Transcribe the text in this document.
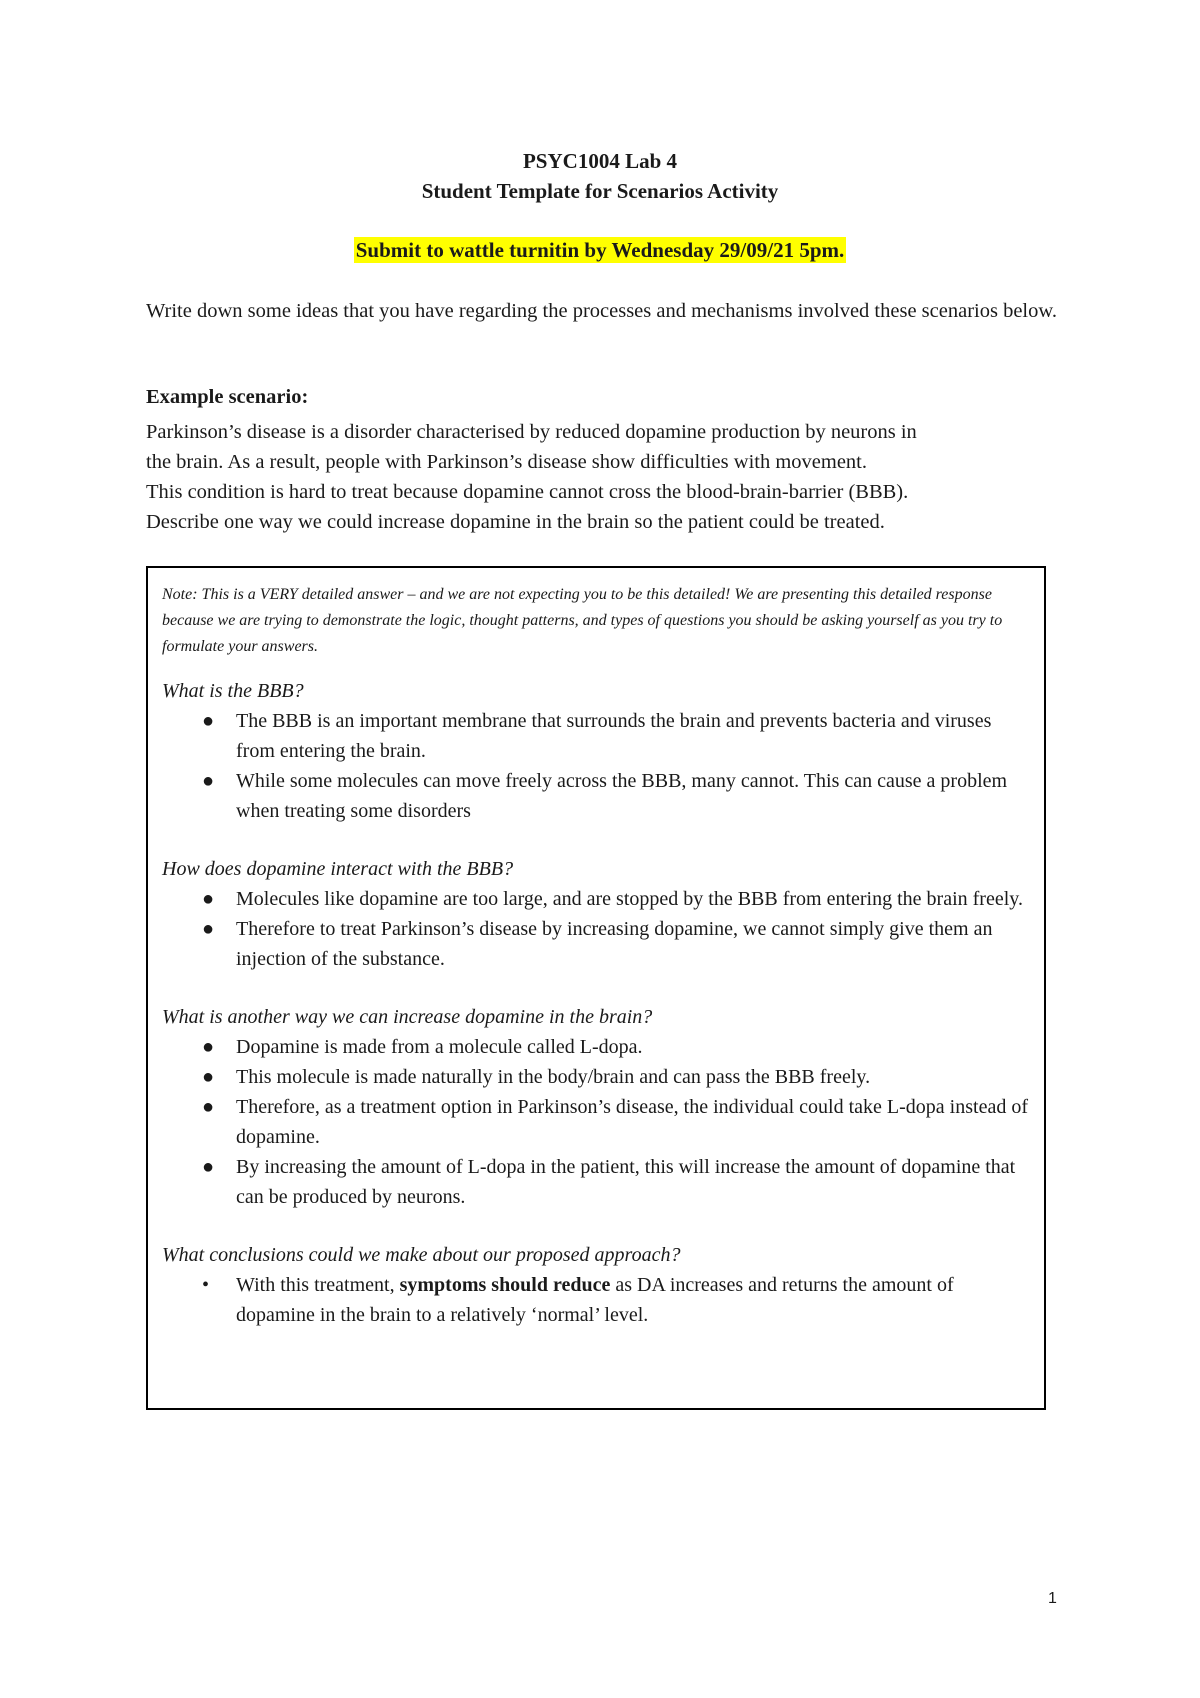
PSYC1004 Lab 4
Student Template for Scenarios Activity
Submit to wattle turnitin by Wednesday 29/09/21 5pm.
Write down some ideas that you have regarding the processes and mechanisms involved these scenarios below.
Example scenario:
Parkinson’s disease is a disorder characterised by reduced dopamine production by neurons in
the brain. As a result, people with Parkinson’s disease show difficulties with movement.
This condition is hard to treat because dopamine cannot cross the blood-brain-barrier (BBB).
Describe one way we could increase dopamine in the brain so the patient could be treated.

Note: This is a VERY detailed answer – and we are not expecting you to be this detailed! We are presenting this detailed response because we are trying to demonstrate the logic, thought patterns, and types of questions you should be asking yourself as you try to formulate your answers.

What is the BBB?

● The BBB is an important membrane that surrounds the brain and prevents bacteria and viruses from entering the brain.
● While some molecules can move freely across the BBB, many cannot. This can cause a problem when treating some disorders

How does dopamine interact with the BBB?

● Molecules like dopamine are too large, and are stopped by the BBB from entering the brain freely.
● Therefore to treat Parkinson’s disease by increasing dopamine, we cannot simply give them an injection of the substance.

What is another way we can increase dopamine in the brain?

● Dopamine is made from a molecule called L-dopa.
● This molecule is made naturally in the body/brain and can pass the BBB freely.
● Therefore, as a treatment option in Parkinson’s disease, the individual could take L-dopa instead of dopamine.
● By increasing the amount of L-dopa in the patient, this will increase the amount of dopamine that can be produced by neurons.

What conclusions could we make about our proposed approach?

• With this treatment, symptoms should reduce as DA increases and returns the amount of dopamine in the brain to a relatively ‘normal’ level.
1
